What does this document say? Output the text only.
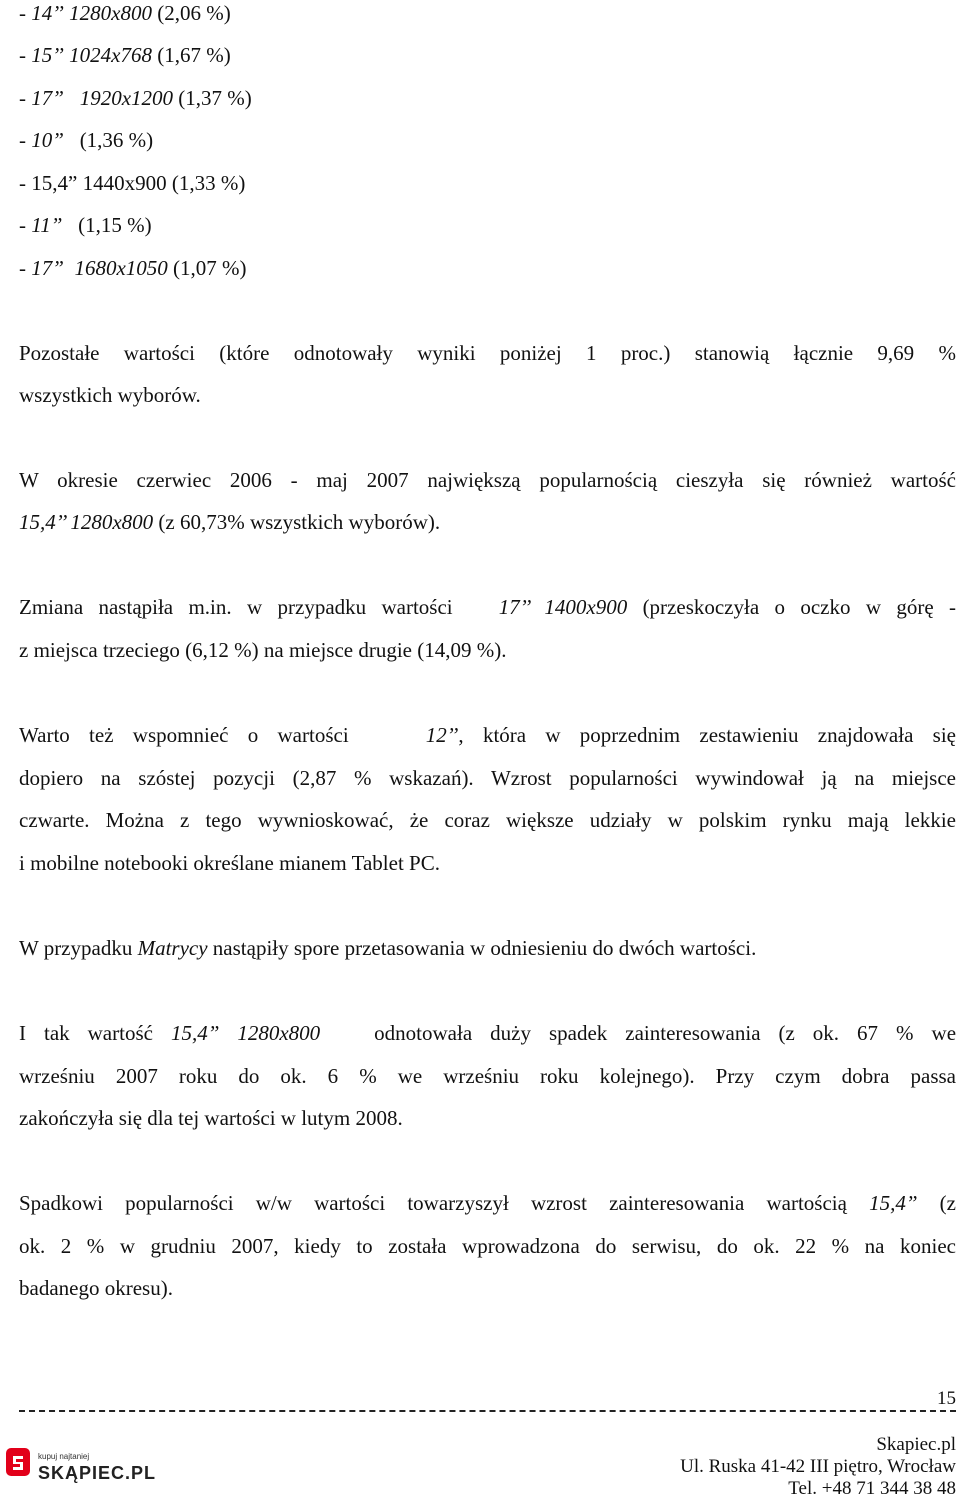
- 14’’ 1280x800 (2,06 %)
- 15’’ 1024x768 (1,67 %)
- 17” 1920x1200 (1,37 %)
- 10” (1,36 %)
- 15,4” 1440x900 (1,33 %)
- 11” (1,15 %)
- 17” 1680x1050 (1,07 %)
Pozostałe wartości (które odnotowały wyniki poniżej 1 proc.) stanowią łącznie 9,69 %
wszystkich wyborów.
W okresie czerwiec 2006 - maj 2007 największą popularnością cieszyła się również wartość
15,4’’ 1280x800 (z 60,73% wszystkich wyborów).
Zmiana nastąpiła m.in. w przypadku wartości 17’’ 1400x900 (przeskoczyła o oczko w górę -
z miejsca trzeciego (6,12 %) na miejsce drugie (14,09 %).
Warto też wspomnieć o wartości	12’’, która w poprzednim zestawieniu znajdowała się
dopiero na szóstej pozycji (2,87 % wskazań). Wzrost popularności wywindował ją na miejsce
czwarte. Można z tego wywnioskować, że coraz większe udziały w polskim rynku mają lekkie
i mobilne notebooki określane mianem Tablet PC.
W przypadku Matrycy nastąpiły spore przetasowania w odniesieniu do dwóch wartości.
I tak wartość 15,4” 1280x800	odnotowała duży spadek zainteresowania (z ok. 67 % we
wrześniu 2007 roku do ok. 6 % we wrześniu roku kolejnego). Przy czym dobra passa
zakończyła się dla tej wartości w lutym 2008.
Spadkowi popularności w/w wartości towarzyszył wzrost zainteresowania wartością 15,4” (z
ok. 2 % w grudniu 2007, kiedy to została wprowadzona do serwisu, do ok. 22 % na koniec
badanego okresu).
15
kupuj najtaniej
SKĄPIEC.PL
Skapiec.pl
Ul. Ruska 41-42 III piętro, Wrocław
Tel. +48 71 344 38 48
